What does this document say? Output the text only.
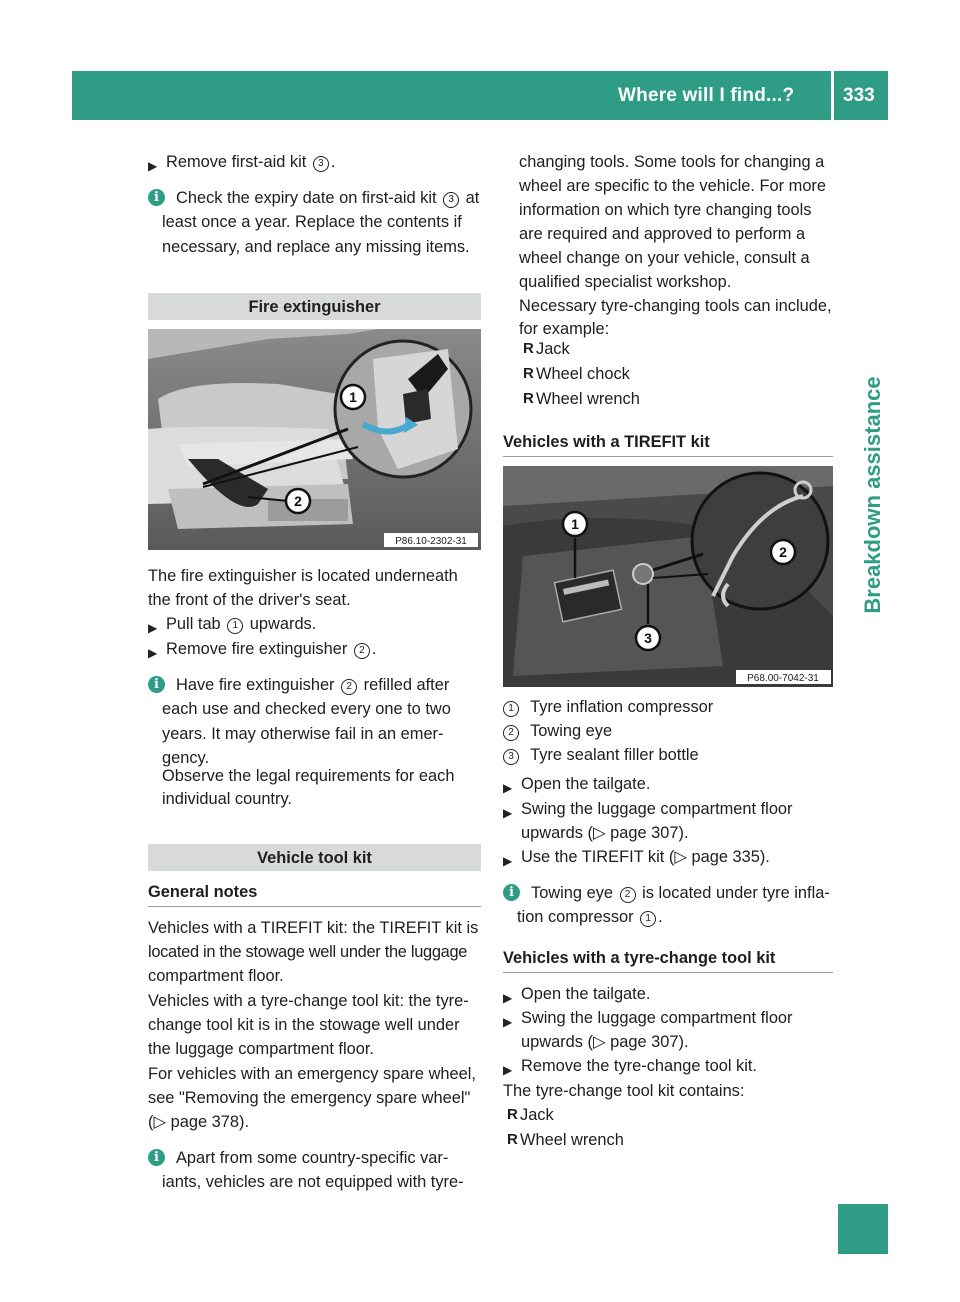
Where will I find...?	333
Breakdown assistance
▶ Remove first-aid kit 3 .
i	Check the expiry date on first-aid kit 3 at
least once a year. Replace the contents if
necessary, and replace any missing items.
Fire extinguisher
1
2
P86.10-2302-31
The fire extinguisher is located underneath
the front of the driver's seat.
▶ Pull tab 1 upwards.
▶ Remove fire extinguisher 2 .
i	Have fire extinguisher 2 refilled after
each use and checked every one to two
years. It may otherwise fail in an emer-
gency.
Observe the legal requirements for each
individual country.
Vehicle tool kit
General notes
Vehicles with a TIREFIT kit: the TIREFIT kit is
located in the stowage well under the luggage
compartment floor.
Vehicles with a tyre-change tool kit: the tyre-
change tool kit is in the stowage well under
the luggage compartment floor.
For vehicles with an emergency spare wheel,
see "Removing the emergency spare wheel"
(▷ page 378).
i	Apart from some country-specific var-
iants, vehicles are not equipped with tyre-
changing tools. Some tools for changing a
wheel are specific to the vehicle. For more
information on which tyre changing tools
are required and approved to perform a
wheel change on your vehicle, consult a
qualified specialist workshop.
Necessary tyre-changing tools can include,
for example:
R Jack
R Wheel chock
R Wheel wrench
Vehicles with a TIREFIT kit
1
2
3
P68.00-7042-31
1 Tyre inflation compressor
2 Towing eye
3 Tyre sealant filler bottle
▶ Open the tailgate.
▶ Swing the luggage compartment floor
upwards (▷ page 307).
▶ Use the TIREFIT kit (▷ page 335).
i	Towing eye 2 is located under tyre infla-
tion compressor 1 .
Vehicles with a tyre-change tool kit
▶ Open the tailgate.
▶ Swing the luggage compartment floor
upwards (▷ page 307).
▶ Remove the tyre-change tool kit.
The tyre-change tool kit contains:
R Jack
R Wheel wrench
